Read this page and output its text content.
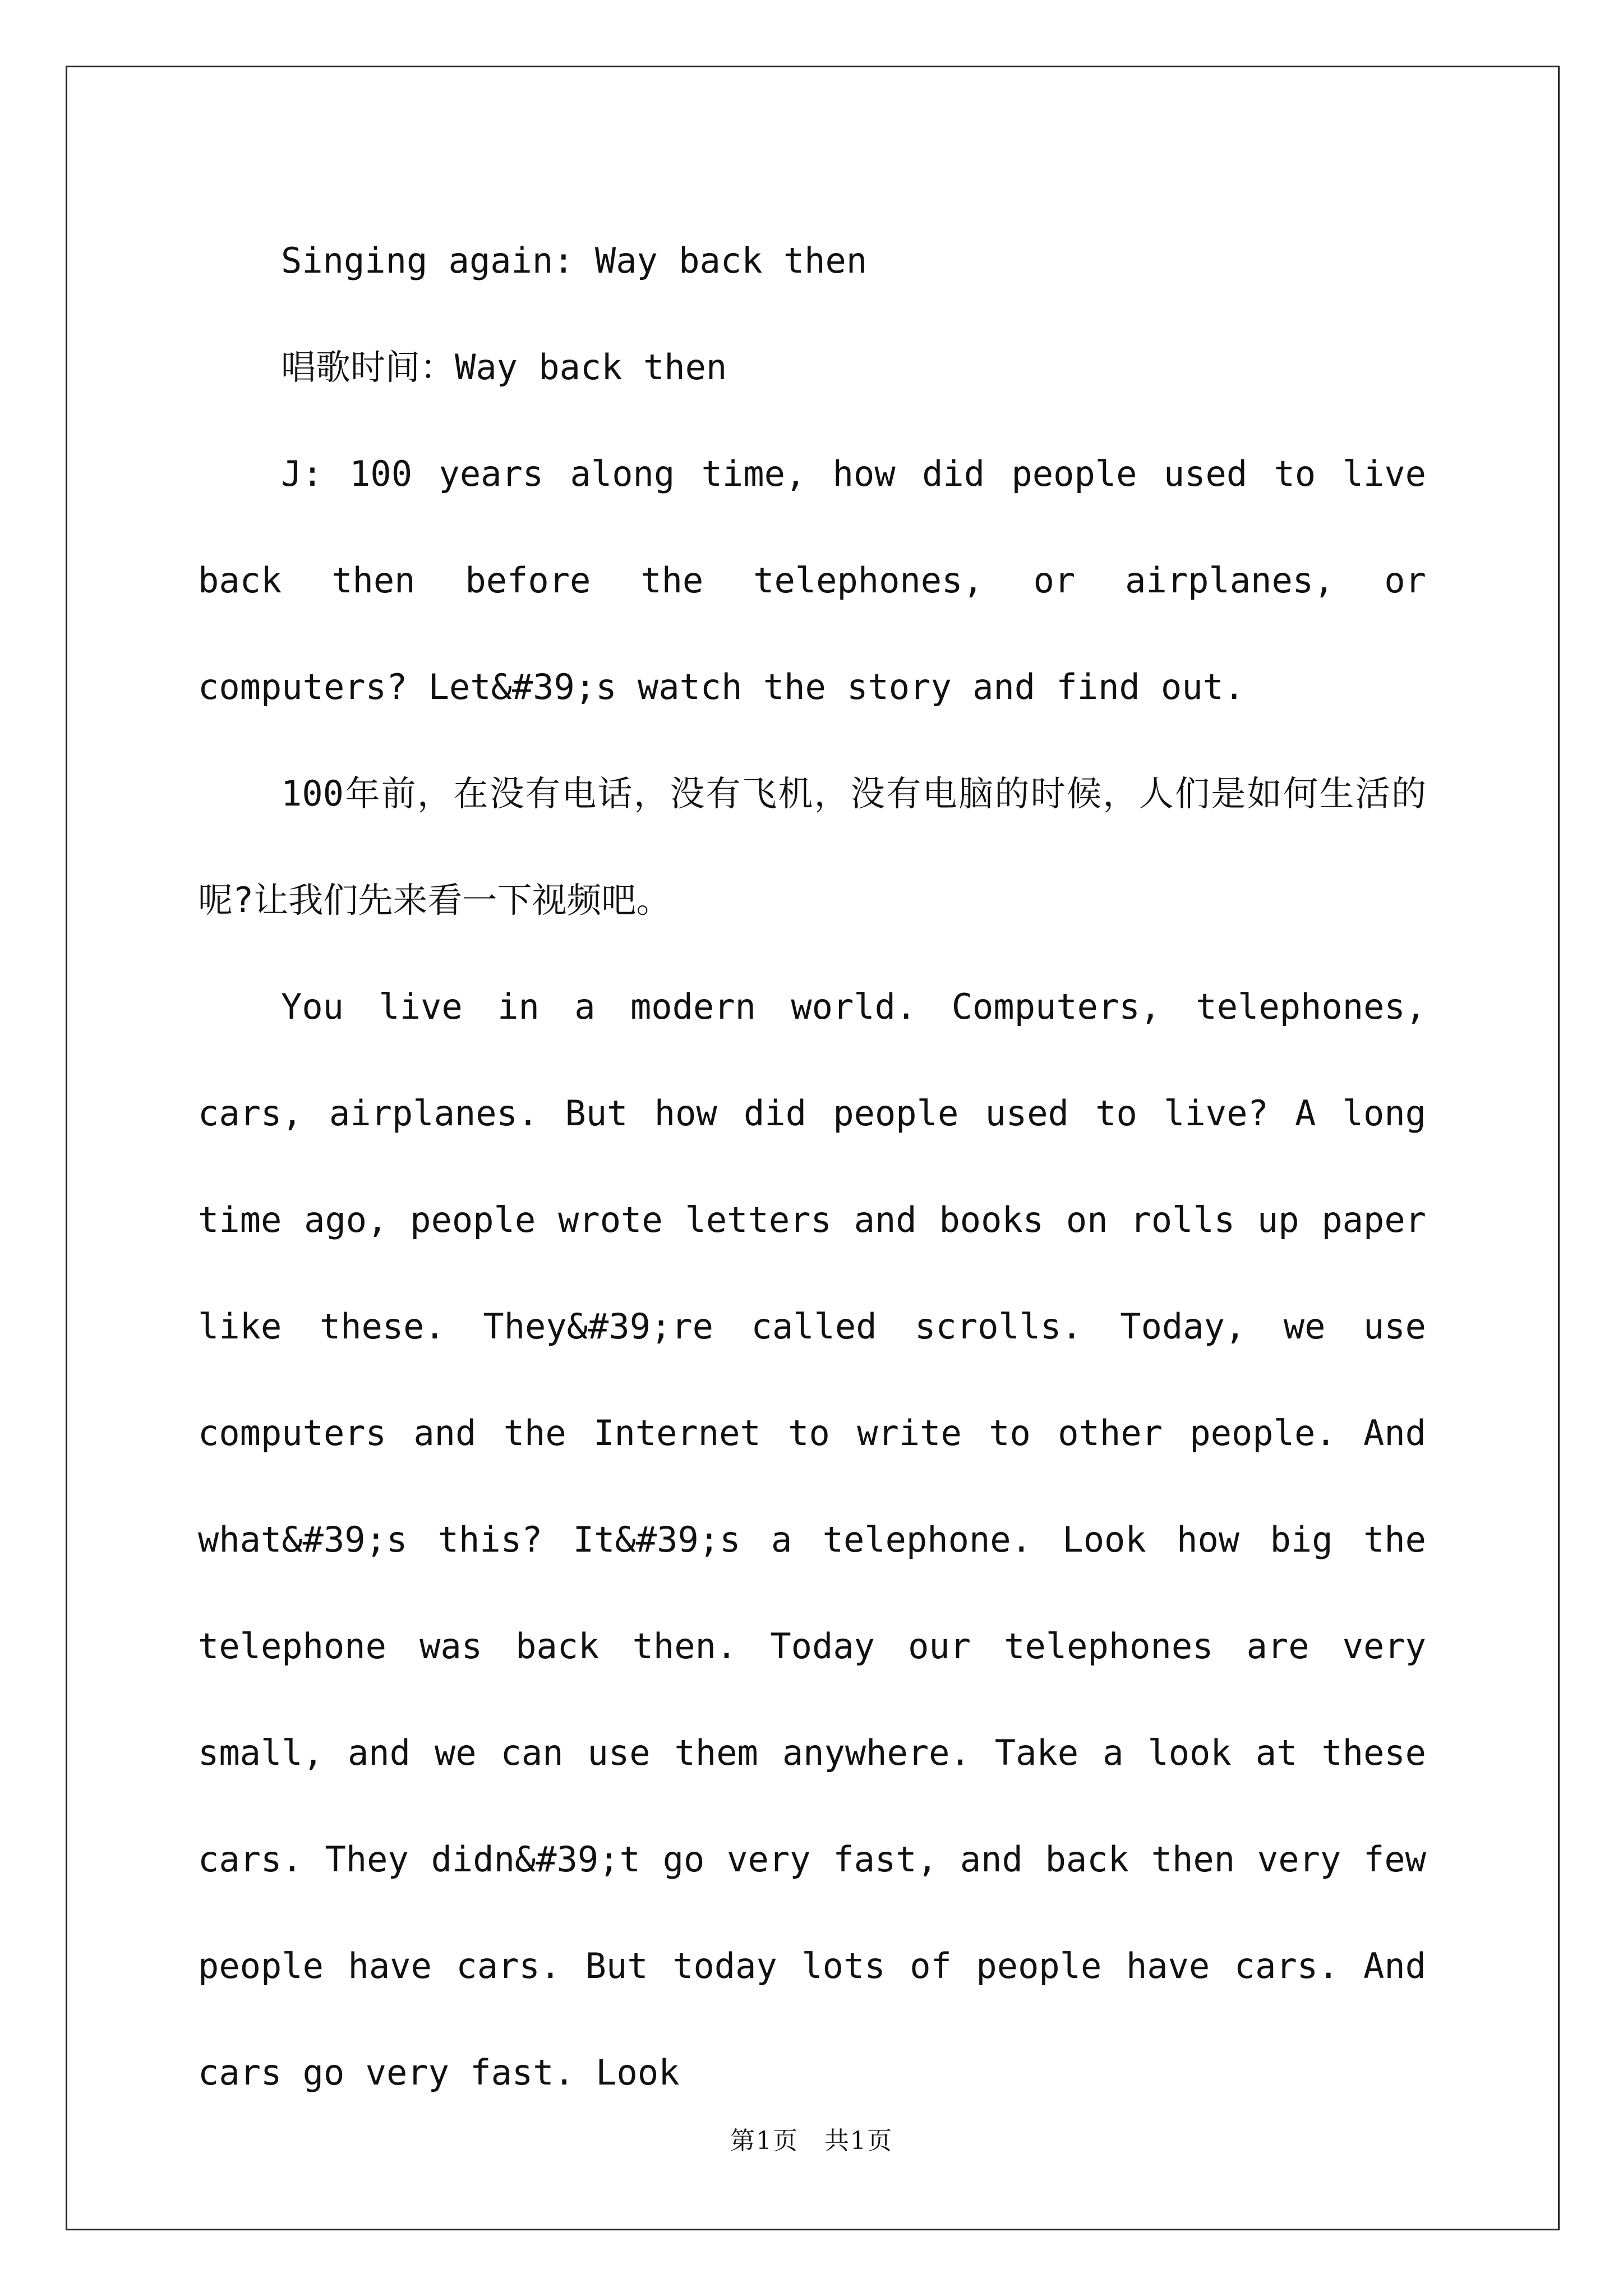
Singing again: Way back then

唱歌时间：Way back then

J: 100 years along time, how did people used to live back then before the telephones, or airplanes, or computers? Let&#39;s watch the story and find out.

100年前，在没有电话，没有飞机，没有电脑的时候，人们是如何生活的呢?让我们先来看一下视频吧。

You live in a modern world. Computers, telephones, cars, airplanes. But how did people used to live? A long time ago, people wrote letters and books on rolls up paper like these. They&#39;re called scrolls. Today, we use computers and the Internet to write to other people. And what&#39;s this? It&#39;s a telephone. Look how big the telephone was back then. Today our telephones are very small, and we can use them anywhere. Take a look at these cars. They didn&#39;t go very fast, and back then very few people have cars. But today lots of people have cars. And cars go very fast. Look

第1页　共1页
